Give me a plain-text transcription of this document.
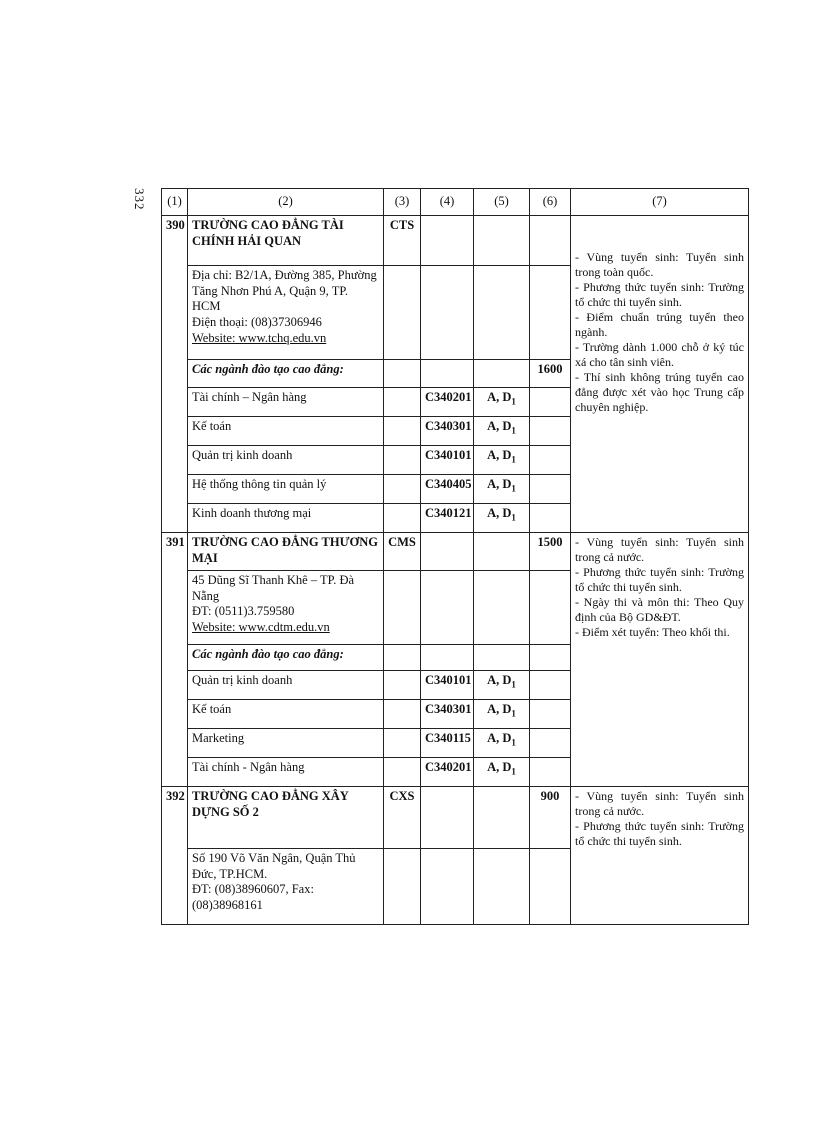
332 (1)	(2)	(3)	(4)	(5)	(6)	(7)
390	TRƯỜNG CAO ĐẲNG TÀI CHÍNH HẢI QUAN	CTS				- Vùng tuyển sinh: Tuyển sinh trong toàn quốc.
- Phương thức tuyển sinh: Trường tổ chức thi tuyển sinh.
- Điểm chuẩn trúng tuyển theo ngành.
- Trường dành 1.000 chỗ ở ký túc xá cho tân sinh viên.
- Thí sinh không trúng tuyển cao đẳng được xét vào học Trung cấp chuyên nghiệp.

	Địa chỉ: B2/1A, Đường 385, Phường Tăng Nhơn Phú A, Quận 9, TP. HCM
Điện thoại: (08)37306946
Website: www.tchq.edu.vn					

	Các ngành đào tạo cao đẳng:				1600	
	Tài chính – Ngân hàng		C340201	A, $D_1$	
	Kế toán		C340301	A, $D_1$	
	Quản trị kinh doanh		C340101	A, $D_1$	
	Hệ thống thông tin quản lý		C340405	A, $D_1$	
	Kinh doanh thương mại		C340121	A, $D_1$	
391	TRƯỜNG CAO ĐẲNG THƯƠNG MẠI	CMS			1500	- Vùng tuyển sinh: Tuyển sinh trong cả nước.
- Phương thức tuyển sinh: Trường tổ chức thi tuyển sinh.
- Ngày thi và môn thi: Theo Quy định của Bộ GD&ĐT.
- Điểm xét tuyển: Theo khối thi.

	45 Dũng Sĩ Thanh Khê – TP. Đà Nẵng
ĐT: (0511)3.759580
Website: www.cdtm.edu.vn					

	Các ngành đào tạo cao đẳng:					
	Quản trị kinh doanh		C340101	A, $D_1$	
	Kế toán		C340301	A, $D_1$	
	Marketing		C340115	A, $D_1$	
	Tài chính - Ngân hàng		C340201	A, $D_1$	
392	TRƯỜNG CAO ĐẲNG XÂY DỰNG SỐ 2	CXS			900	- Vùng tuyển sinh: Tuyển sinh trong cả nước.
- Phương thức tuyển sinh: Trường tổ chức thi tuyển sinh.

	Số 190 Võ Văn Ngân, Quận Thủ Đức, TP.HCM.
ĐT: (08)38960607, Fax: (08)38968161					
